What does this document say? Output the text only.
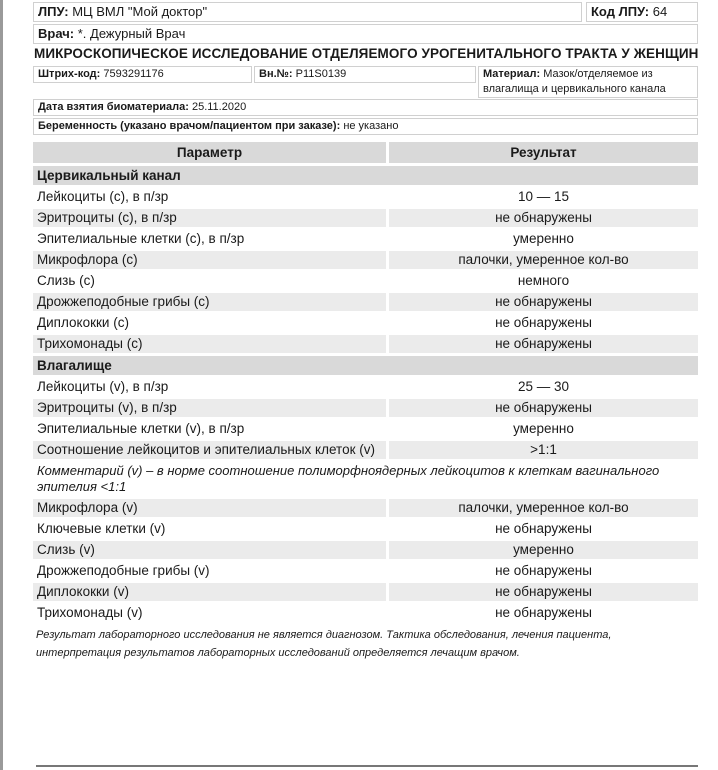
ЛПУ: МЦ ВМЛ "Мой доктор"	Код ЛПУ: 64
Врач: *. Дежурный Врач
МИКРОСКОПИЧЕСКОЕ ИССЛЕДОВАНИЕ ОТДЕЛЯЕМОГО УРОГЕНИТАЛЬНОГО ТРАКТА У ЖЕНЩИН
Штрих-код: 7593291176	Вн.№: P11S0139	Материал: Мазок/отделяемое из
влагалища и цервикального канала
Дата взятия биоматериала: 25.11.2020
Беременность (указано врачом/пациентом при заказе): не указано
Параметр	Результат
Цервикальный канал	
Лейкоциты (с), в п/зр	10 — 15
Эритроциты (с), в п/зр	не обнаружены
Эпителиальные клетки (с), в п/зр	умеренно
Микрофлора (с)	палочки, умеренное кол-во
Слизь (с)	немного
Дрожжеподобные грибы (с)	не обнаружены
Диплококки (с)	не обнаружены
Трихомонады (с)	не обнаружены
Влагалище	
Лейкоциты (v), в п/зр	25 — 30
Эритроциты (v), в п/зр	не обнаружены
Эпителиальные клетки (v), в п/зр	умеренно
Соотношение лейкоцитов и эпителиальных клеток (v)	>1:1
Комментарий (v) – в норме соотношение полиморфноядерных лейкоцитов к клеткам вагинального эпителия <1:1	
Микрофлора (v)	палочки, умеренное кол-во
Ключевые клетки (v)	не обнаружены
Слизь (v)	умеренно
Дрожжеподобные грибы (v)	не обнаружены
Диплококки (v)	не обнаружены
Трихомонады (v)	не обнаружены
Результат лабораторного исследования не является диагнозом. Тактика обследования, лечения пациента, интерпретация результатов лабораторных исследований определяется лечащим врачом.
